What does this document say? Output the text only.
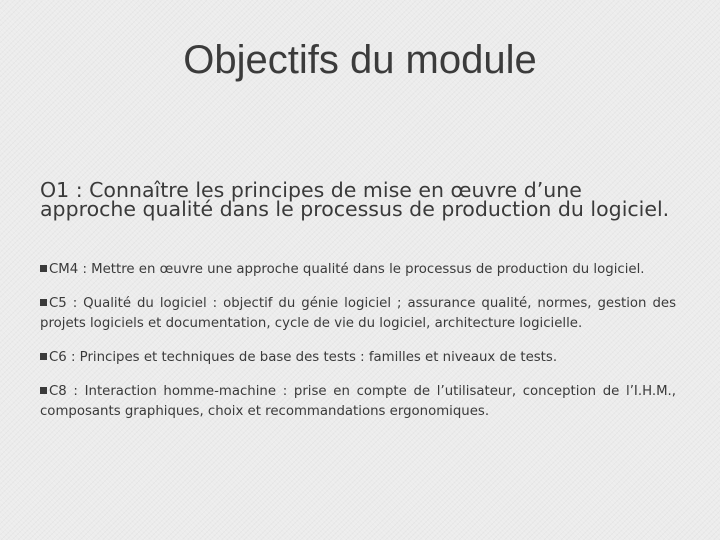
Objectifs du module

O1 : Connaître les principes de mise en œuvre d’une approche qualité dans le processus de production du logiciel.

CM4 : Mettre en œuvre une approche qualité dans le processus de production du logiciel.

C5 : Qualité du logiciel : objectif du génie logiciel ; assurance qualité, normes, gestion des projets logiciels et documentation, cycle de vie du logiciel, architecture logicielle.

C6 : Principes et techniques de base des tests : familles et niveaux de tests.

C8 : Interaction homme-machine : prise en compte de l’utilisateur, conception de l’I.H.M., composants graphiques, choix et recommandations ergonomiques.
